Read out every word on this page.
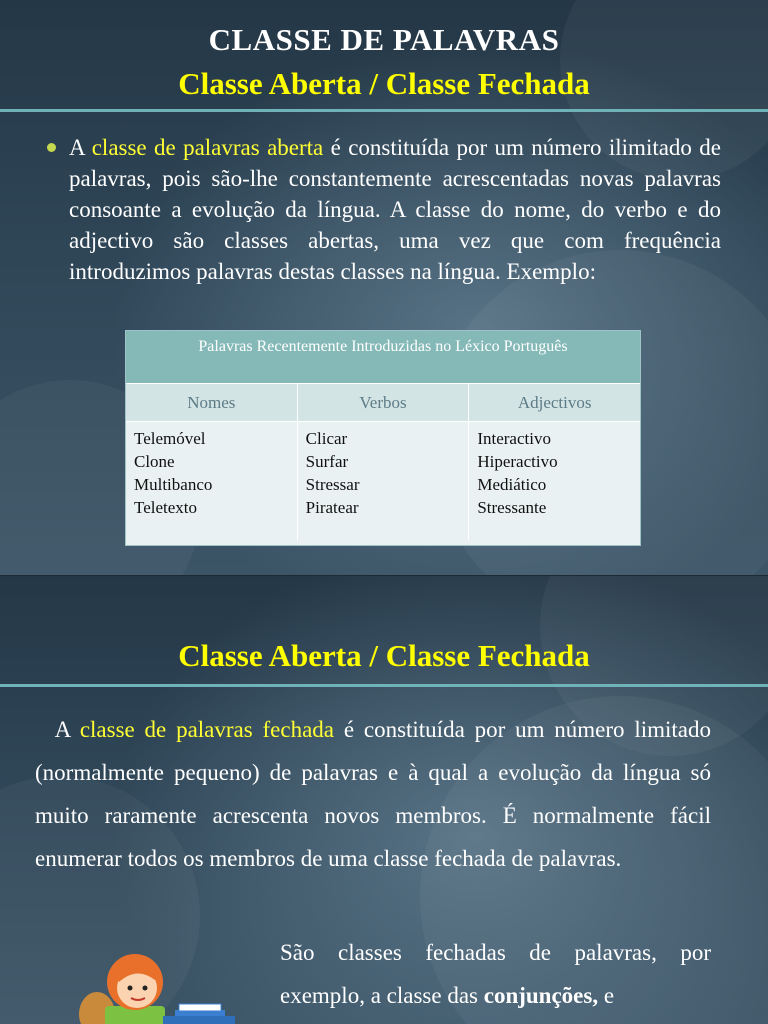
CLASSE DE PALAVRAS
Classe Aberta / Classe Fechada
A classe de palavras aberta é constituída por um número ilimitado de palavras, pois são-lhe constantemente acrescentadas novas palavras consoante a evolução da língua. A classe do nome, do verbo e do adjectivo são classes abertas, uma vez que com frequência introduzimos palavras destas classes na língua. Exemplo:
Palavras Recentemente Introduzidas no Léxico Português
Nomes	Verbos	Adjectivos
Telemóvel
Clone
Multibanco
Teletexto
Clicar
Surfar
Stressar
Piratear
Interactivo
Hiperactivo
Mediático
Stressante
Classe Aberta / Classe Fechada
A classe de palavras fechada é constituída por um número limitado (normalmente pequeno) de palavras e à qual a evolução da língua só muito raramente acrescenta novos membros. É normalmente fácil enumerar todos os membros de uma classe fechada de palavras.
São classes fechadas de palavras, por exemplo, a classe das conjunções, e
